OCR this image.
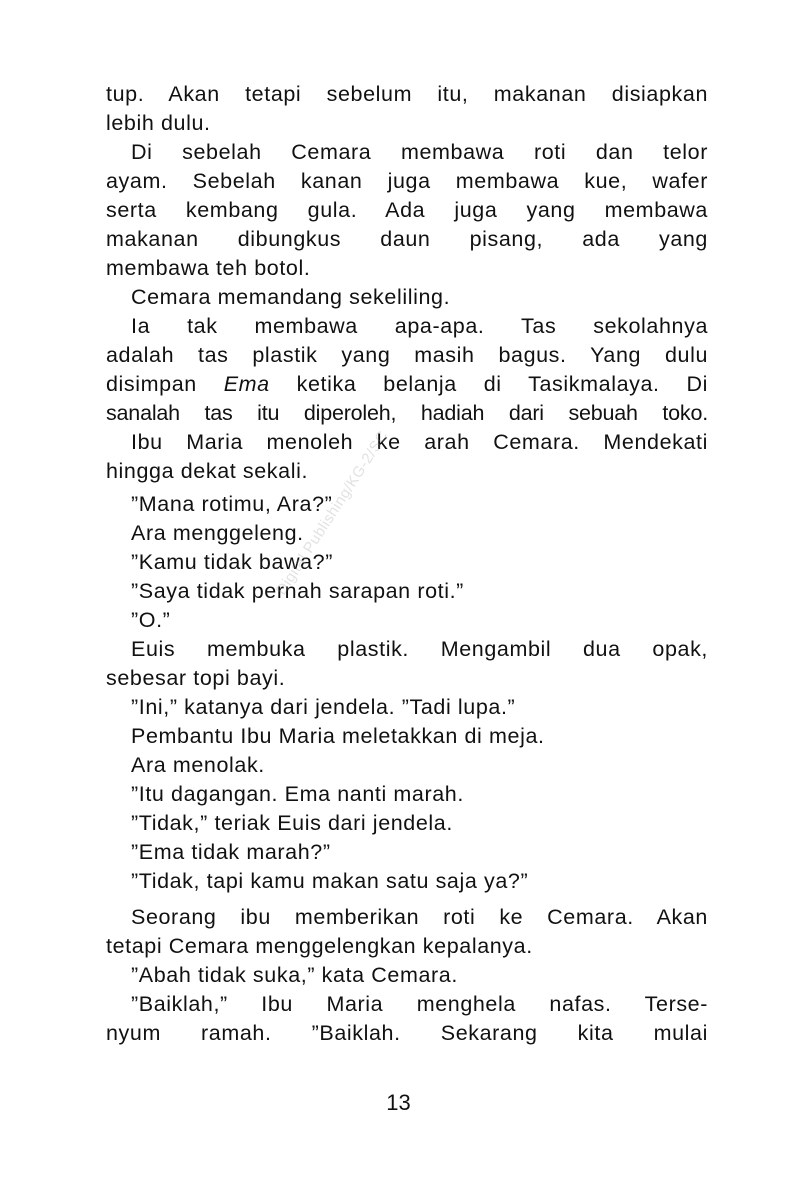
tup. Akan tetapi sebelum itu, makanan disiapkan
lebih dulu.
Di sebelah Cemara membawa roti dan telor
ayam. Sebelah kanan juga membawa kue, wafer
serta kembang gula. Ada juga yang membawa
makanan dibungkus daun pisang, ada yang
membawa teh botol.
Cemara memandang sekeliling.
Ia tak membawa apa-apa. Tas sekolahnya
adalah tas plastik yang masih bagus. Yang dulu
disimpan Ema ketika belanja di Tasikmalaya. Di
sanalah tas itu diperoleh, hadiah dari sebuah toko.
Ibu Maria menoleh ke arah Cemara. Mendekati
hingga dekat sekali.
”Mana rotimu, Ara?”
Ara menggeleng.
”Kamu tidak bawa?”
”Saya tidak pernah sarapan roti.”
”O.”
Euis membuka plastik. Mengambil dua opak,
sebesar topi bayi.
”Ini,” katanya dari jendela. ”Tadi lupa.”
Pembantu Ibu Maria meletakkan di meja.
Ara menolak.
”Itu dagangan. Ema nanti marah.
”Tidak,” teriak Euis dari jendela.
”Ema tidak marah?”
”Tidak, tapi kamu makan satu saja ya?”
Seorang ibu memberikan roti ke Cemara. Akan
tetapi Cemara menggelengkan kepalanya.
”Abah tidak suka,” kata Cemara.
”Baiklah,” Ibu Maria menghela nafas. Terse-
nyum ramah. ”Baiklah. Sekarang kita mulai
Digital Publishing/KG-2/SC
13
